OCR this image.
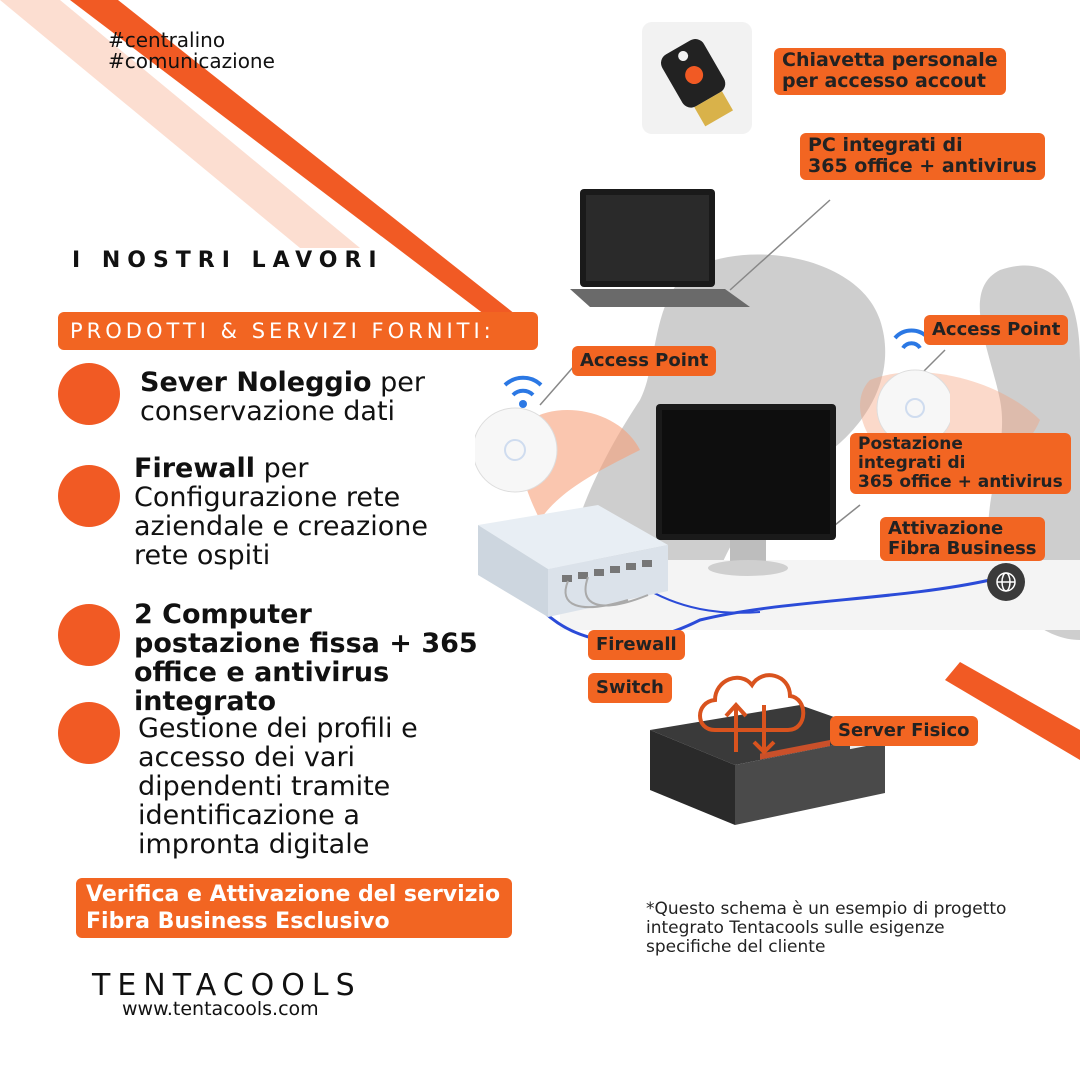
#centralino
#comunicazione
I NOSTRI LAVORI
PRODOTTI & SERVIZI FORNITI:
Sever Noleggio per conservazione dati
Firewall per Configurazione rete aziendale e creazione rete ospiti
2 Computer postazione fissa + 365 office e antivirus integrato
Gestione dei profili e accesso dei vari dipendenti tramite identificazione a impronta digitale
Verifica e Attivazione del servizio
Fibra Business Esclusivo
TENTACOOLS
www.tentacools.com
*Questo schema è un esempio di progetto integrato Tentacools sulle esigenze specifiche del cliente
Chiavetta personale
per accesso accout
PC integrati di
365 office + antivirus
Access Point
Access Point
Postazione
integrati di
365 office + antivirus
Attivazione
Fibra Business
Firewall
Switch
Server Fisico
